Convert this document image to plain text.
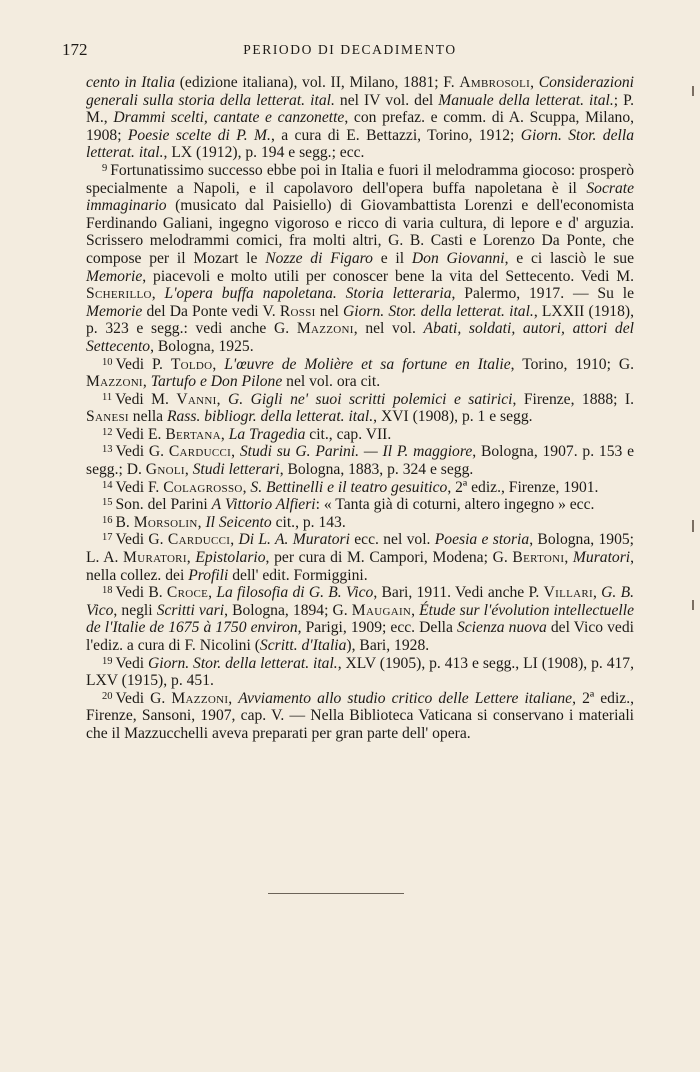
172	PERIODO DI DECADIMENTO

cento in Italia (edizione italiana), vol. II, Milano, 1881; F. Ambrosoli, Considerazioni generali sulla storia della letterat. ital. nel IV vol. del Manuale della letterat. ital.; P. M., Drammi scelti, cantate e canzonette, con prefaz. e comm. di A. Scuppa, Milano, 1908; Poesie scelte di P. M., a cura di E. Bettazzi, Torino, 1912; Giorn. Stor. della letterat. ital., LX (1912), p. 194 e segg.; ecc.

$^9$ Fortunatissimo successo ebbe poi in Italia e fuori il melodramma giocoso: prosperò specialmente a Napoli, e il capolavoro dell'opera buffa napoletana è il Socrate immaginario (musicato dal Paisiello) di Giovambattista Lorenzi e dell'economista Ferdinando Galiani, ingegno vigoroso e ricco di varia cultura, di lepore e d' arguzia. Scrissero melodrammi comici, fra molti altri, G. B. Casti e Lorenzo Da Ponte, che compose per il Mozart le Nozze di Figaro e il Don Giovanni, e ci lasciò le sue Memorie, piacevoli e molto utili per conoscer bene la vita del Settecento. Vedi M. Scherillo, L'opera buffa napoletana. Storia letteraria, Palermo, 1917. — Su le Memorie del Da Ponte vedi V. Rossi nel Giorn. Stor. della letterat. ital., LXXII (1918), p. 323 e segg.: vedi anche G. Mazzoni, nel vol. Abati, soldati, autori, attori del Settecento, Bologna, 1925.

$^{10}$ Vedi P. Toldo, L'œuvre de Molière et sa fortune en Italie, Torino, 1910; G. Mazzoni, Tartufo e Don Pilone nel vol. ora cit.

$^{11}$ Vedi M. Vanni, G. Gigli ne' suoi scritti polemici e satirici, Firenze, 1888; I. Sanesi nella Rass. bibliogr. della letterat. ital., XVI (1908), p. 1 e segg.

$^{12}$ Vedi E. Bertana, La Tragedia cit., cap. VII.

$^{13}$ Vedi G. Carducci, Studi su G. Parini. — Il P. maggiore, Bologna, 1907. p. 153 e segg.; D. Gnoli, Studi letterari, Bologna, 1883, p. 324 e segg.

$^{14}$ Vedi F. Colagrosso, S. Bettinelli e il teatro gesuitico, 2ª ediz., Firenze, 1901.

$^{15}$ Son. del Parini A Vittorio Alfieri: « Tanta già di coturni, altero ingegno » ecc.

$^{16}$ B. Morsolin, Il Seicento cit., p. 143.

$^{17}$ Vedi G. Carducci, Di L. A. Muratori ecc. nel vol. Poesia e storia, Bologna, 1905; L. A. Muratori, Epistolario, per cura di M. Campori, Modena; G. Bertoni, Muratori, nella collez. dei Profili dell' edit. Formiggini.

$^{18}$ Vedi B. Croce, La filosofia di G. B. Vico, Bari, 1911. Vedi anche P. Villari, G. B. Vico, negli Scritti vari, Bologna, 1894; G. Maugain, Étude sur l'évolution intellectuelle de l'Italie de 1675 à 1750 environ, Parigi, 1909; ecc. Della Scienza nuova del Vico vedi l'ediz. a cura di F. Nicolini (Scritt. d'Italia), Bari, 1928.

$^{19}$ Vedi Giorn. Stor. della letterat. ital., XLV (1905), p. 413 e segg., LI (1908), p. 417, LXV (1915), p. 451.

$^{20}$ Vedi G. Mazzoni, Avviamento allo studio critico delle Lettere italiane, 2ª ediz., Firenze, Sansoni, 1907, cap. V. — Nella Biblioteca Vaticana si conservano i materiali che il Mazzucchelli aveva preparati per gran parte dell' opera.
